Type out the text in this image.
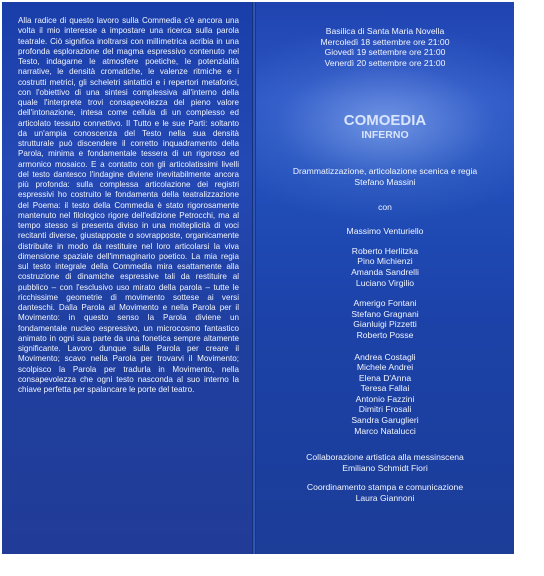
Alla radice di questo lavoro sulla Commedia c'è ancora una volta il mio interesse a impostare una ricerca sulla parola teatrale. Ciò significa inoltrarsi con millimetrica acribia in una profonda esplorazione del magma espressivo contenuto nel Testo, indagarne le atmosfere poetiche, le potenzialità narrative, le densità cromatiche, le valenze ritmiche e i costrutti metrici, gli scheletri sintattici e i repertori metaforici, con l'obiettivo di una sintesi complessiva all'interno della quale l'interprete trovi consapevolezza del pieno valore dell'intonazione, intesa come cellula di un complesso ed articolato tessuto connettivo. Il Tutto e le sue Parti: soltanto da un'ampia conoscenza del Testo nella sua densità strutturale può discendere il corretto inquadramento della Parola, minima e fondamentale tessera di un rigoroso ed armonico mosaico. E a contatto con gli articolatissimi livelli del testo dantesco l'indagine diviene inevitabilmente ancora più profonda: sulla complessa articolazione dei registri espressivi ho costruito le fondamenta della teatralizzazione del Poema: il testo della Commedia è stato rigorosamente mantenuto nel filologico rigore dell'edizione Petrocchi, ma al tempo stesso si presenta diviso in una molteplicità di voci recitanti diverse, giustapposte o sovrapposte, organicamente distribuite in modo da restituire nel loro articolarsi la viva dimensione spaziale dell'immaginario poetico. La mia regia sul testo integrale della Commedia mira esattamente alla costruzione di dinamiche espressive tali da restituire al pubblico – con l'esclusivo uso mirato della parola – tutte le ricchissime geometrie di movimento sottese ai versi danteschi. Dalla Parola al Movimento e nella Parola per il Movimento: in questo senso la Parola diviene un fondamentale nucleo espressivo, un microcosmo fantastico animato in ogni sua parte da una fonetica sempre altamente significante. Lavoro dunque sulla Parola per creare il Movimento; scavo nella Parola per trovarvi il Movimento; scolpisco la Parola per tradurla in Movimento, nella consapevolezza che ogni testo nasconda al suo interno la chiave perfetta per spalancare le porte del teatro.

Basilica di Santa Maria Novella
Mercoledì 18 settembre ore 21:00
Giovedì 19 settembre ore 21:00
Venerdì 20 settembre ore 21:00
COMOEDIA
INFERNO
Drammatizzazione, articolazione scenica e regia
Stefano Massini
con
Massimo Venturiello
Roberto Herlitzka
Pino Michienzi
Amanda Sandrelli
Luciano Virgilio
Amerigo Fontani
Stefano Gragnani
Gianluigi Pizzetti
Roberto Posse
Andrea Costagli
Michele Andrei
Elena D'Anna
Teresa Fallai
Antonio Fazzini
Dimitri Frosali
Sandra Garuglieri
Marco Natalucci
Collaborazione artistica alla messinscena
Emiliano Schmidt Fiori
Coordinamento stampa e comunicazione
Laura Giannoni
